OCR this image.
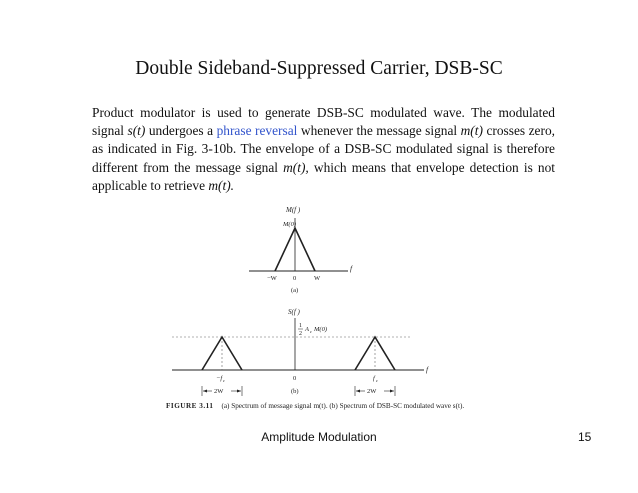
Double Sideband-Suppressed Carrier, DSB-SC
Product modulator is used to generate DSB-SC modulated wave. The modulated signal s(t) undergoes a phrase reversal whenever the message signal m(t) crosses zero, as indicated in Fig. 3-10b. The envelope of a DSB-SC modulated signal is therefore different from the message signal m(t), which means that envelope detection is not applicable to retrieve m(t).
M(f )
M(0)
f
−W 0	W
(a)
S(f )
1
2
A c M(0)
f
−f c	0	f c
2W	2W
(b)
FIGURE 3.11 (a) Spectrum of message signal m(t). (b) Spectrum of DSB-SC modulated wave s(t).
Amplitude Modulation	15
